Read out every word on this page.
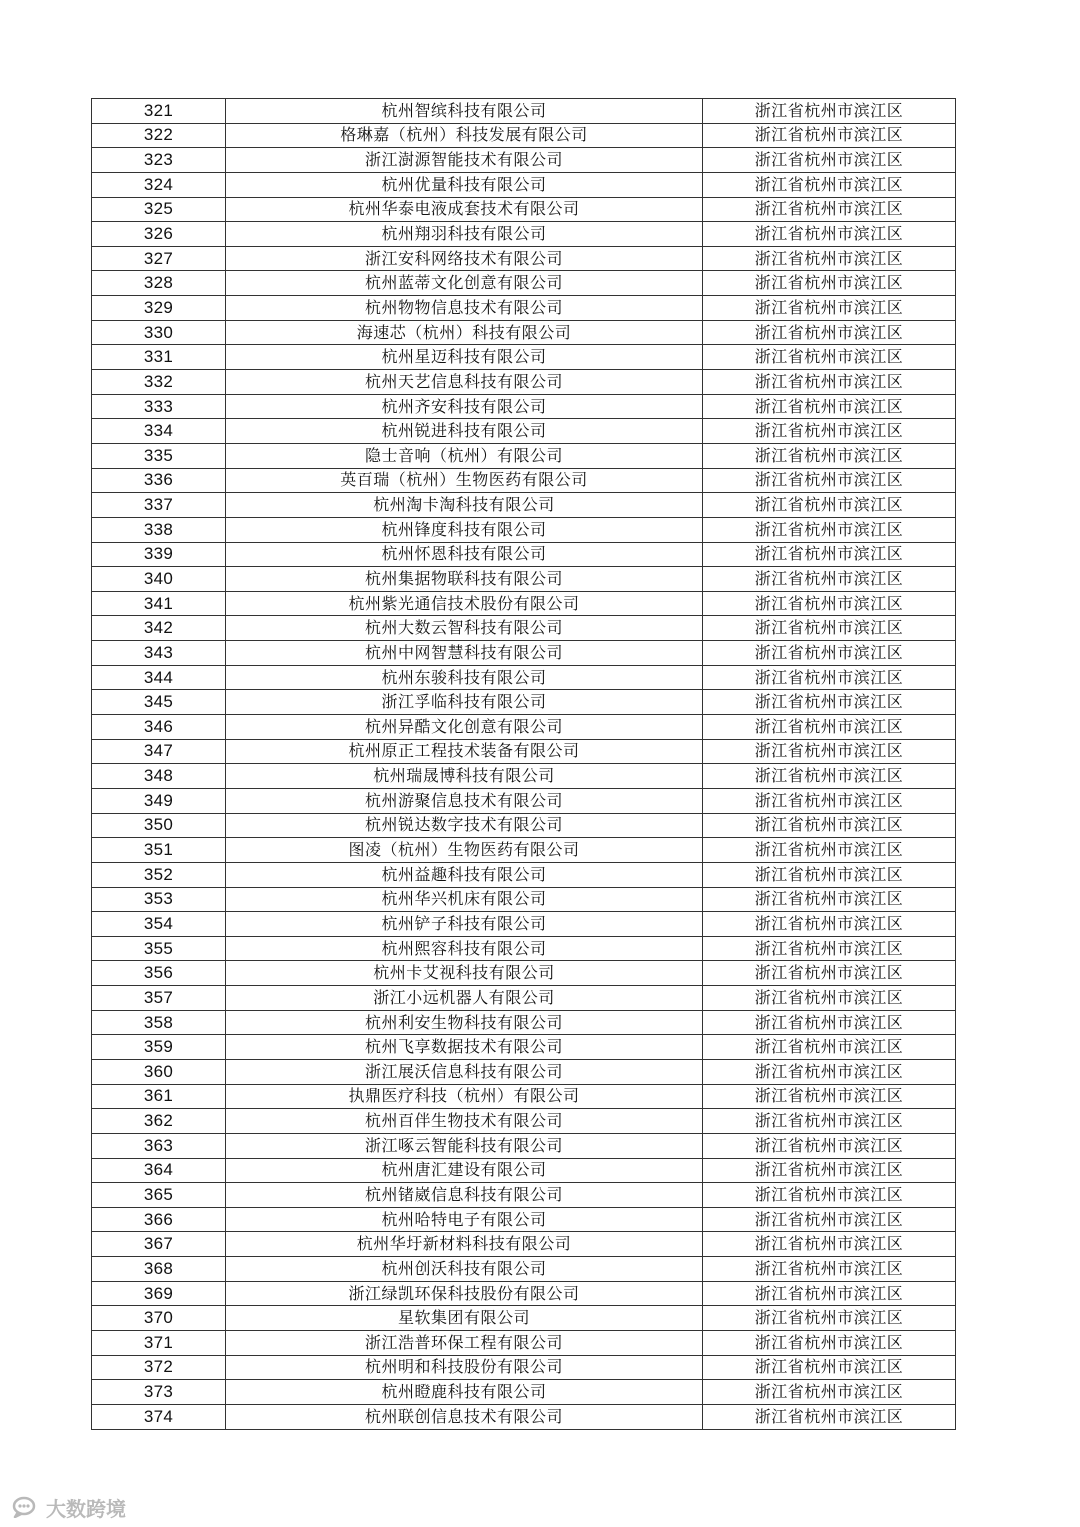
321	杭州智缤科技有限公司	浙江省杭州市滨江区
322	格琳嘉（杭州）科技发展有限公司	浙江省杭州市滨江区
323	浙江澍源智能技术有限公司	浙江省杭州市滨江区
324	杭州优量科技有限公司	浙江省杭州市滨江区
325	杭州华泰电液成套技术有限公司	浙江省杭州市滨江区
326	杭州翔羽科技有限公司	浙江省杭州市滨江区
327	浙江安科网络技术有限公司	浙江省杭州市滨江区
328	杭州蓝蒂文化创意有限公司	浙江省杭州市滨江区
329	杭州物物信息技术有限公司	浙江省杭州市滨江区
330	海速芯（杭州）科技有限公司	浙江省杭州市滨江区
331	杭州星迈科技有限公司	浙江省杭州市滨江区
332	杭州天艺信息科技有限公司	浙江省杭州市滨江区
333	杭州齐安科技有限公司	浙江省杭州市滨江区
334	杭州锐进科技有限公司	浙江省杭州市滨江区
335	隐士音响（杭州）有限公司	浙江省杭州市滨江区
336	英百瑞（杭州）生物医药有限公司	浙江省杭州市滨江区
337	杭州淘卡淘科技有限公司	浙江省杭州市滨江区
338	杭州锋度科技有限公司	浙江省杭州市滨江区
339	杭州怀恩科技有限公司	浙江省杭州市滨江区
340	杭州集据物联科技有限公司	浙江省杭州市滨江区
341	杭州紫光通信技术股份有限公司	浙江省杭州市滨江区
342	杭州大数云智科技有限公司	浙江省杭州市滨江区
343	杭州中网智慧科技有限公司	浙江省杭州市滨江区
344	杭州东骏科技有限公司	浙江省杭州市滨江区
345	浙江孚临科技有限公司	浙江省杭州市滨江区
346	杭州异酷文化创意有限公司	浙江省杭州市滨江区
347	杭州原正工程技术装备有限公司	浙江省杭州市滨江区
348	杭州瑞晟博科技有限公司	浙江省杭州市滨江区
349	杭州游聚信息技术有限公司	浙江省杭州市滨江区
350	杭州锐达数字技术有限公司	浙江省杭州市滨江区
351	图凌（杭州）生物医药有限公司	浙江省杭州市滨江区
352	杭州益趣科技有限公司	浙江省杭州市滨江区
353	杭州华兴机床有限公司	浙江省杭州市滨江区
354	杭州铲子科技有限公司	浙江省杭州市滨江区
355	杭州熙容科技有限公司	浙江省杭州市滨江区
356	杭州卡艾视科技有限公司	浙江省杭州市滨江区
357	浙江小远机器人有限公司	浙江省杭州市滨江区
358	杭州利安生物科技有限公司	浙江省杭州市滨江区
359	杭州飞享数据技术有限公司	浙江省杭州市滨江区
360	浙江展沃信息科技有限公司	浙江省杭州市滨江区
361	执鼎医疗科技（杭州）有限公司	浙江省杭州市滨江区
362	杭州百伴生物技术有限公司	浙江省杭州市滨江区
363	浙江啄云智能科技有限公司	浙江省杭州市滨江区
364	杭州唐汇建设有限公司	浙江省杭州市滨江区
365	杭州锗崴信息科技有限公司	浙江省杭州市滨江区
366	杭州哈特电子有限公司	浙江省杭州市滨江区
367	杭州华圩新材料科技有限公司	浙江省杭州市滨江区
368	杭州创沃科技有限公司	浙江省杭州市滨江区
369	浙江绿凯环保科技股份有限公司	浙江省杭州市滨江区
370	星软集团有限公司	浙江省杭州市滨江区
371	浙江浩普环保工程有限公司	浙江省杭州市滨江区
372	杭州明和科技股份有限公司	浙江省杭州市滨江区
373	杭州瞪鹿科技有限公司	浙江省杭州市滨江区
374	杭州联创信息技术有限公司	浙江省杭州市滨江区
大数跨境
